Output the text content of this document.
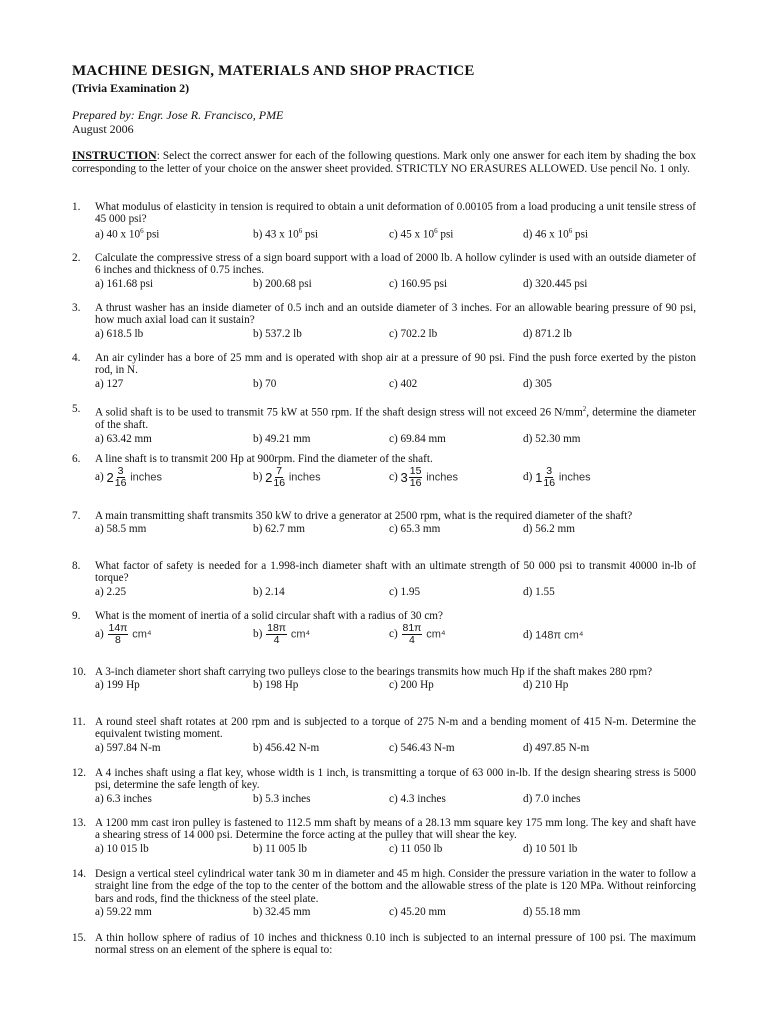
MACHINE DESIGN, MATERIALS AND SHOP PRACTICE
(Trivia Examination 2)
Prepared by: Engr. Jose R. Francisco, PME
August 2006
INSTRUCTION: Select the correct answer for each of the following questions. Mark only one answer for each item by shading the box corresponding to the letter of your choice on the answer sheet provided. STRICTLY NO ERASURES ALLOWED. Use pencil No. 1 only.
1. What modulus of elasticity in tension is required to obtain a unit deformation of 0.00105 from a load producing a unit tensile stress of 45 000 psi?
a) 40 x $10^6$ psi	b) 43 x $10^6$ psi	c) 45 x $10^6$ psi	d) 46 x $10^6$ psi
2. Calculate the compressive stress of a sign board support with a load of 2000 lb. A hollow cylinder is used with an outside diameter of 6 inches and thickness of 0.75 inches.
a) 161.68 psi	b) 200.68 psi	c) 160.95 psi	d) 320.445 psi
3. A thrust washer has an inside diameter of 0.5 inch and an outside diameter of 3 inches. For an allowable bearing pressure of 90 psi, how much axial load can it sustain?
a) 618.5 lb	b) 537.2 lb	c) 702.2 lb	d) 871.2 lb
4. An air cylinder has a bore of 25 mm and is operated with shop air at a pressure of 90 psi. Find the push force exerted by the piston rod, in N.
a) 127	b) 70	c) 402	d) 305
5. A solid shaft is to be used to transmit 75 kW at 550 rpm. If the shaft design stress will not exceed 26 $N/mm^2$, determine the diameter of the shaft.
a) 63.42 mm	b) 49.21 mm	c) 69.84 mm	d) 52.30 mm
6. A line shaft is to transmit 200 Hp at 900rpm. Find the diameter of the shaft.
a) $2 \frac{3}{16}$ inches	b) $2 \frac{7}{16}$ inches	c) $3 \frac{15}{16}$ inches	d) $1 \frac{3}{16}$ inches
7. A main transmitting shaft transmits 350 kW to drive a generator at 2500 rpm, what is the required diameter of the shaft?
a) 58.5 mm	b) 62.7 mm	c) 65.3 mm	d) 56.2 mm
8. What factor of safety is needed for a 1.998-inch diameter shaft with an ultimate strength of 50 000 psi to transmit 40000 in-lb of torque?
a) 2.25	b) 2.14	c) 1.95	d) 1.55
9. What is the moment of inertia of a solid circular shaft with a radius of 30 cm?
$a) \frac{14\pi}{8} cm^4$	$b) \frac{18\pi}{4} cm^4$	$c) \frac{81\pi}{4} cm^4$	d) 148π cm⁴
10. A 3-inch diameter short shaft carrying two pulleys close to the bearings transmits how much Hp if the shaft makes 280 rpm?
a) 199 Hp	b) 198 Hp	c) 200 Hp	d) 210 Hp
11. A round steel shaft rotates at 200 rpm and is subjected to a torque of 275 N-m and a bending moment of 415 N-m. Determine the equivalent twisting moment.
a) 597.84 N-m	b) 456.42 N-m	c) 546.43 N-m	d) 497.85 N-m
12. A 4 inches shaft using a flat key, whose width is 1 inch, is transmitting a torque of 63 000 in-lb. If the design shearing stress is 5000 psi, determine the safe length of key.
a) 6.3 inches	b) 5.3 inches	c) 4.3 inches	d) 7.0 inches
13. A 1200 mm cast iron pulley is fastened to 112.5 mm shaft by means of a 28.13 mm square key 175 mm long. The key and shaft have a shearing stress of 14 000 psi. Determine the force acting at the pulley that will shear the key.
a) 10 015 lb	b) 11 005 lb	c) 11 050 lb	d) 10 501 lb
14. Design a vertical steel cylindrical water tank 30 m in diameter and 45 m high. Consider the pressure variation in the water to follow a straight line from the edge of the top to the center of the bottom and the allowable stress of the plate is 120 MPa. Without reinforcing bars and rods, find the thickness of the steel plate.
a) 59.22 mm	b) 32.45 mm	c) 45.20 mm	d) 55.18 mm
15. A thin hollow sphere of radius of 10 inches and thickness 0.10 inch is subjected to an internal pressure of 100 psi. The maximum normal stress on an element of the sphere is equal to:
